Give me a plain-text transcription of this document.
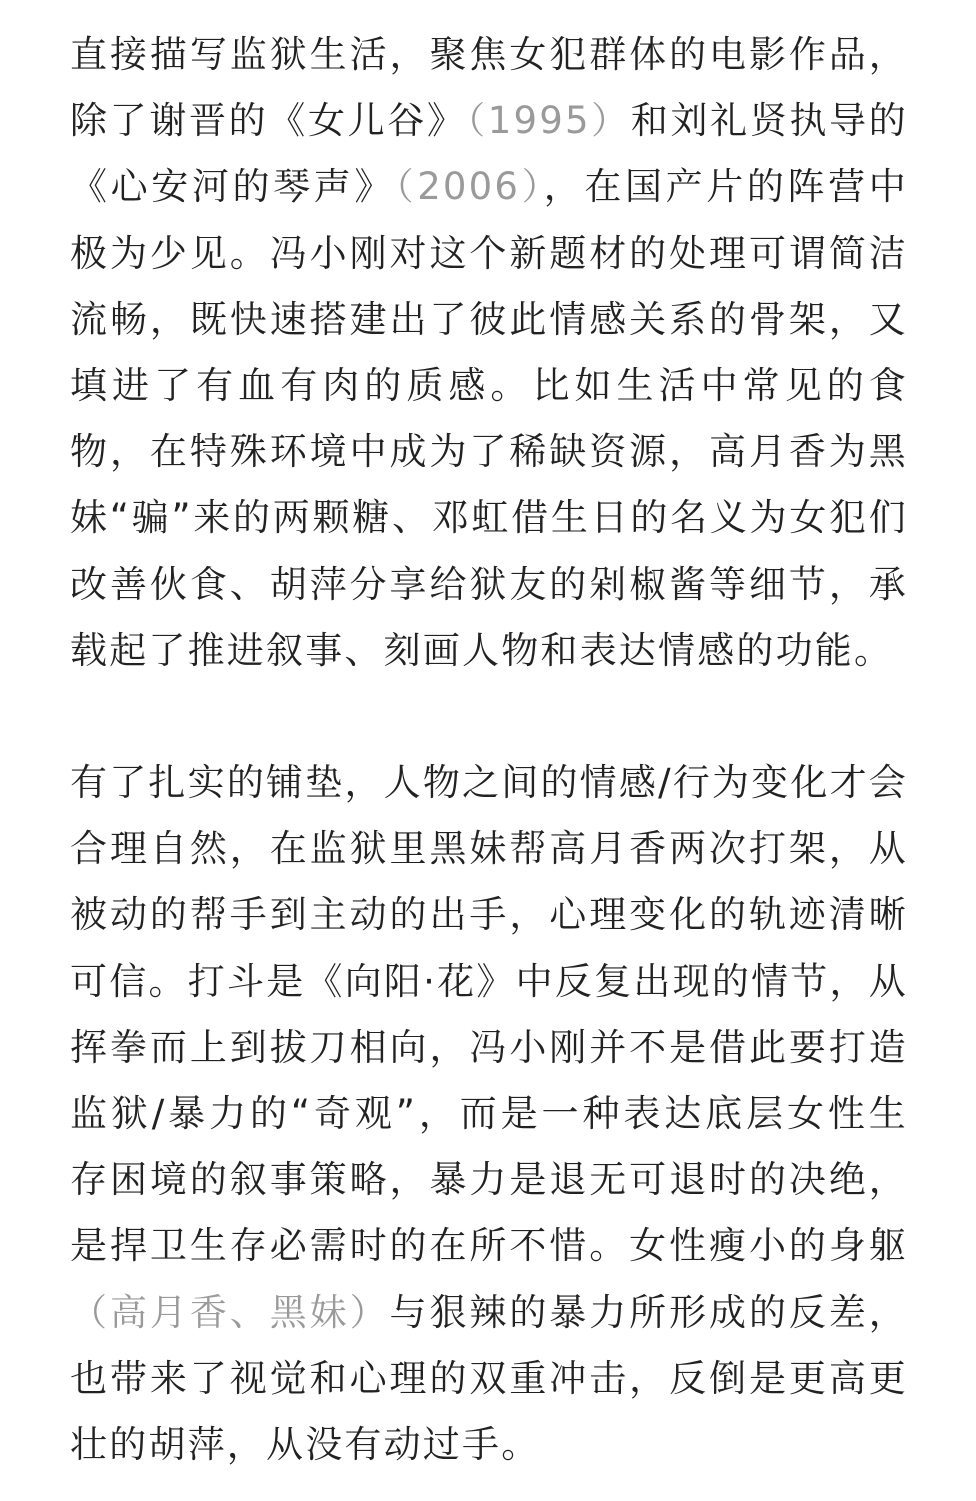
直接描写监狱生活，聚焦女犯群体的电影作品，除了谢晋的《女儿谷》（1995）和刘礼贤执导的《心安河的琴声》（2006），在国产片的阵营中极为少见。冯小刚对这个新题材的处理可谓简洁流畅，既快速搭建出了彼此情感关系的骨架，又填进了有血有肉的质感。比如生活中常见的食物，在特殊环境中成为了稀缺资源，高月香为黑妹“骗”来的两颗糖、邓虹借生日的名义为女犯们改善伙食、胡萍分享给狱友的剁椒酱等细节，承载起了推进叙事、刻画人物和表达情感的功能。

有了扎实的铺垫，人物之间的情感/行为变化才会合理自然，在监狱里黑妹帮高月香两次打架，从被动的帮手到主动的出手，心理变化的轨迹清晰可信。打斗是《向阳·花》中反复出现的情节，从挥拳而上到拔刀相向，冯小刚并不是借此要打造监狱/暴力的“奇观”，而是一种表达底层女性生存困境的叙事策略，暴力是退无可退时的决绝，是捍卫生存必需时的在所不惜。女性瘦小的身躯（高月香、黑妹）与狠辣的暴力所形成的反差，也带来了视觉和心理的双重冲击，反倒是更高更壮的胡萍，从没有动过手。
